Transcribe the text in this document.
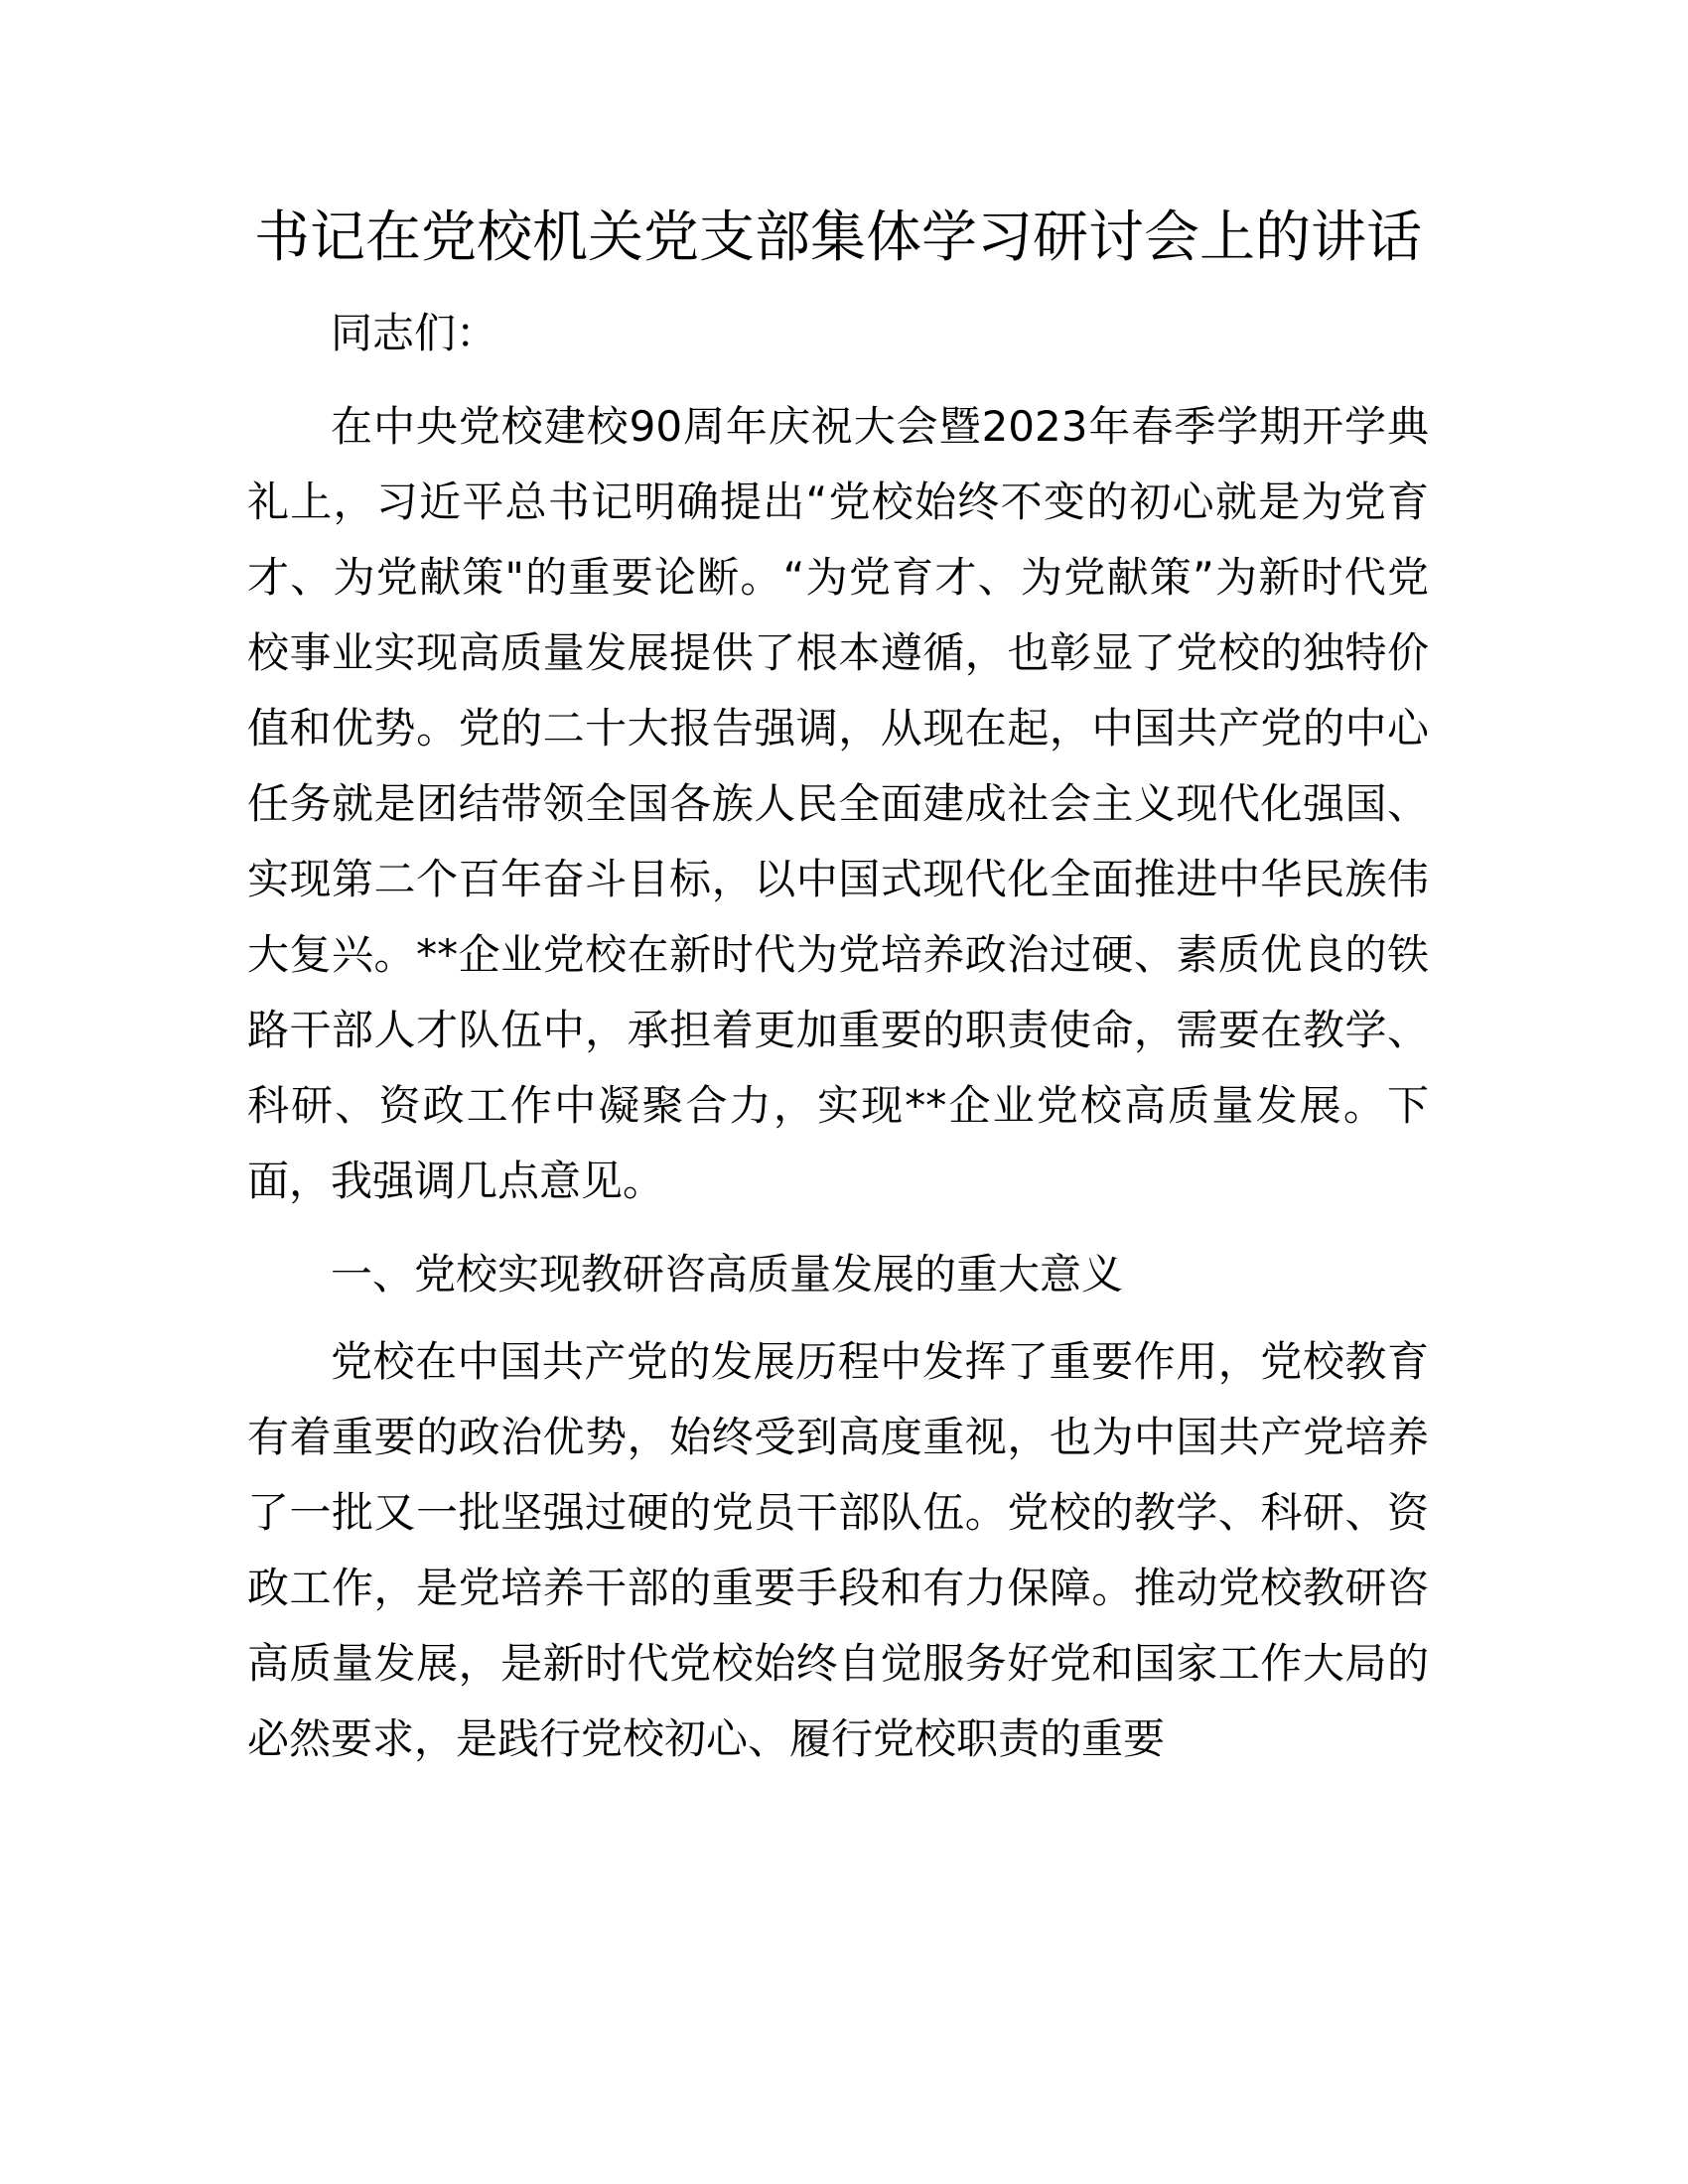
书记在党校机关党支部集体学习研讨会上的讲话

同志们：

在中央党校建校90周年庆祝大会暨2023年春季学期开学典礼上，习近平总书记明确提出“党校始终不变的初心就是为党育才、为党献策"的重要论断。“为党育才、为党献策”为新时代党校事业实现高质量发展提供了根本遵循，也彰显了党校的独特价值和优势。党的二十大报告强调，从现在起，中国共产党的中心任务就是团结带领全国各族人民全面建成社会主义现代化强国、实现第二个百年奋斗目标，以中国式现代化全面推进中华民族伟大复兴。**企业党校在新时代为党培养政治过硬、素质优良的铁路干部人才队伍中，承担着更加重要的职责使命，需要在教学、科研、资政工作中凝聚合力，实现**企业党校高质量发展。下面，我强调几点意见。

一、党校实现教研咨高质量发展的重大意义

党校在中国共产党的发展历程中发挥了重要作用，党校教育有着重要的政治优势，始终受到高度重视，也为中国共产党培养了一批又一批坚强过硬的党员干部队伍。党校的教学、科研、资政工作，是党培养干部的重要手段和有力保障。推动党校教研咨高质量发展，是新时代党校始终自觉服务好党和国家工作大局的必然要求，是践行党校初心、履行党校职责的重要
